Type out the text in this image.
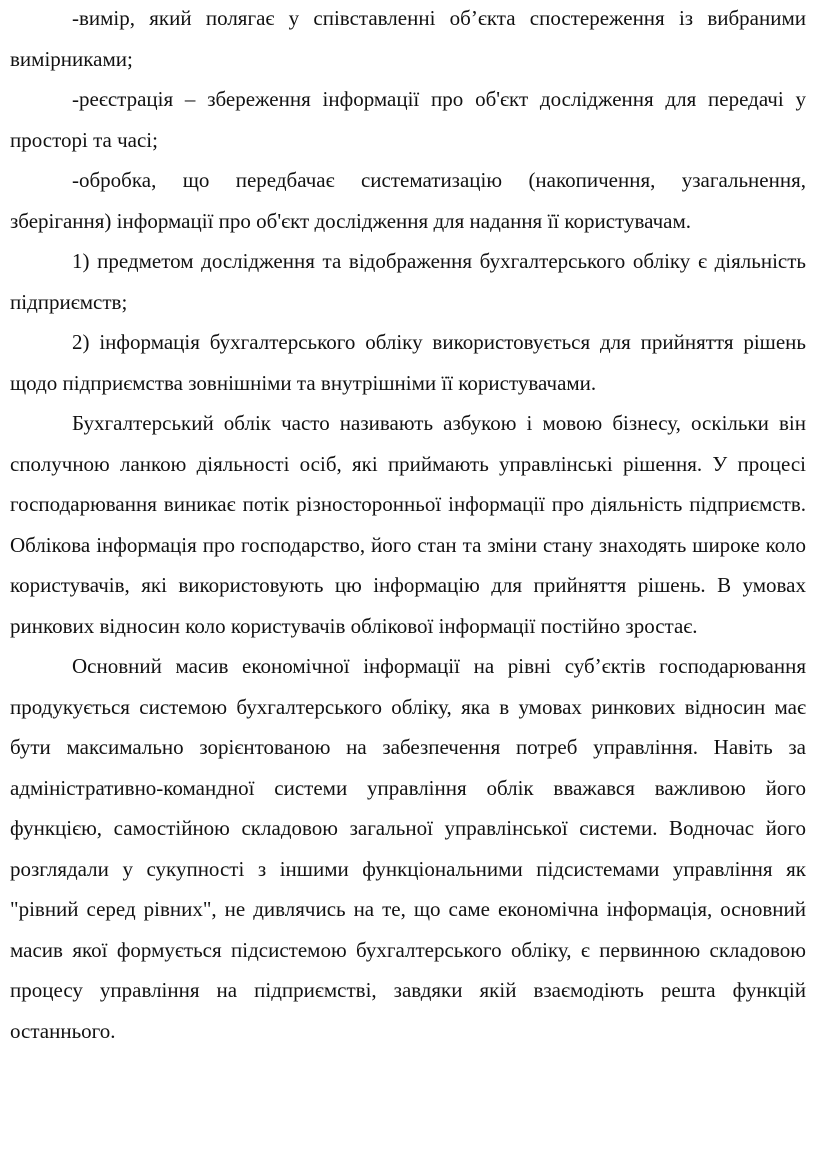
-вимір, який полягає у співставленні об’єкта спостереження із вибраними вимірниками;

-реєстрація – збереження інформації про об'єкт дослідження для передачі у просторі та часі;

-обробка, що передбачає систематизацію (накопичення, узагальнення, зберігання) інформації про об'єкт дослідження для надання її користувачам.

1) предметом дослідження та відображення бухгалтерського обліку є діяльність підприємств;

2) інформація бухгалтерського обліку використовується для прийняття рішень щодо підприємства зовнішніми та внутрішніми її користувачами.

Бухгалтерський облік часто називають азбукою і мовою бізнесу, оскільки він сполучною ланкою діяльності осіб, які приймають управлінські рішення. У процесі господарювання виникає потік різносторонньої інформації про діяльність підприємств. Облікова інформація про господарство, його стан та зміни стану знаходять широке коло користувачів, які використовують цю інформацію для прийняття рішень. В умовах ринкових відносин коло користувачів облікової інформації постійно зростає.

Основний масив економічної інформації на рівні суб’єктів господарювання продукується системою бухгалтерського обліку, яка в умовах ринкових відносин має бути максимально зорієнтованою на забезпечення потреб управління. Навіть за адміністративно-командної системи управління облік вважався важливою його функцією, самостійною складовою загальної управлінської системи. Водночас його розглядали у сукупності з іншими функціональними підсистемами управління як "рівний серед рівних", не дивлячись на те, що саме економічна інформація, основний масив якої формується підсистемою бухгалтерського обліку, є первинною складовою процесу управління на підприємстві, завдяки якій взаємодіють решта функцій останнього.
